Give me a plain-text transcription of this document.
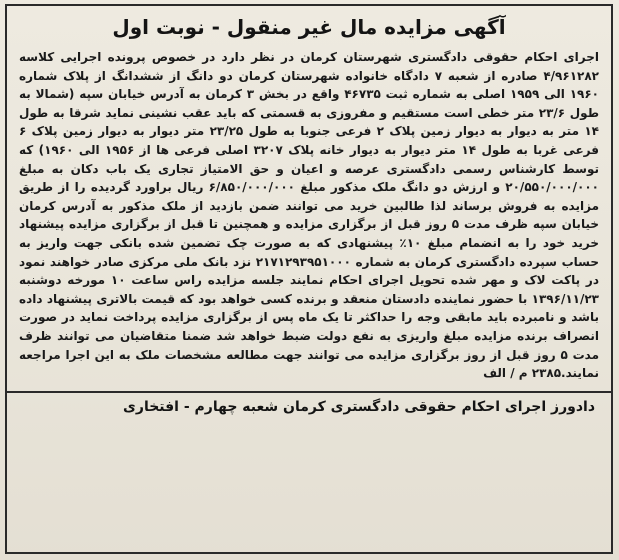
آگهی مزایده مال غیر منقول - نوبت اول

اجرای احکام حقوقی دادگستری شهرستان کرمان در نظر دارد در خصوص پرونده اجرایی کلاسه ۴/۹۶۱۲۸۲ صادره از شعبه ۷ دادگاه خانواده شهرستان کرمان دو دانگ از ششدانگ از پلاک شماره ۱۹۶۰ الی ۱۹۵۹ اصلی به شماره ثبت ۴۶۷۳۵ واقع در بخش ۳ کرمان به آدرس خیابان سپه (شمالا به طول ۲۳/۶ متر خطی است مستقیم و مفروزی به قسمتی که باید عقب نشینی نماید شرقا به طول ۱۴ متر به دیوار به دیوار زمین پلاک ۲ فرعی جنوبا به طول ۲۳/۲۵ متر دیوار به دیوار زمین پلاک ۶ فرعی غربا به طول ۱۴ متر دیوار به دیوار خانه پلاک ۳۲۰۷ اصلی فرعی ها از ۱۹۵۶ الی ۱۹۶۰) که توسط کارشناس رسمی دادگستری عرصه و اعیان و حق الامتیاز تجاری یک باب دکان به مبلغ ۲۰/۵۵۰/۰۰۰/۰۰۰ و ارزش دو دانگ ملک مذکور مبلغ ۶/۸۵۰/۰۰۰/۰۰۰ ریال براورد گردیده را از طریق مزایده به فروش برساند لذا طالبین خرید می توانند ضمن بازدید از ملک مذکور به آدرس کرمان خیابان سپه ظرف مدت ۵ روز قبل از برگزاری مزایده و همچنین تا قبل از برگزاری مزایده پیشنهاد خرید خود را به انضمام مبلغ ۱۰٪ پیشنهادی که به صورت چک تضمین شده بانکی جهت واریز به حساب سپرده دادگستری کرمان به شماره ۲۱۷۱۲۹۳۹۵۱۰۰۰ نزد بانک ملی مرکزی صادر خواهند نمود در پاکت لاک و مهر شده تحویل اجرای احکام نمایند جلسه مزایده راس ساعت ۱۰ مورخه دوشنبه ۱۳۹۶/۱۱/۲۳ با حضور نماینده دادستان منعقد و برنده کسی خواهد بود که قیمت بالاتری پیشنهاد داده باشد و نامبرده باید مابقی وجه را حداکثر تا یک ماه پس از برگزاری مزایده پرداخت نماید در صورت انصراف برنده مزایده مبلغ واریزی به نفع دولت ضبط خواهد شد ضمنا متقاضیان می توانند ظرف مدت ۵ روز قبل از روز برگزاری مزایده می توانند جهت مطالعه مشخصات ملک به این اجرا مراجعه نمایند.۲۳۸۵ م / الف

دادورز اجرای احکام حقوقی دادگستری کرمان شعبه چهارم - افتخاری
